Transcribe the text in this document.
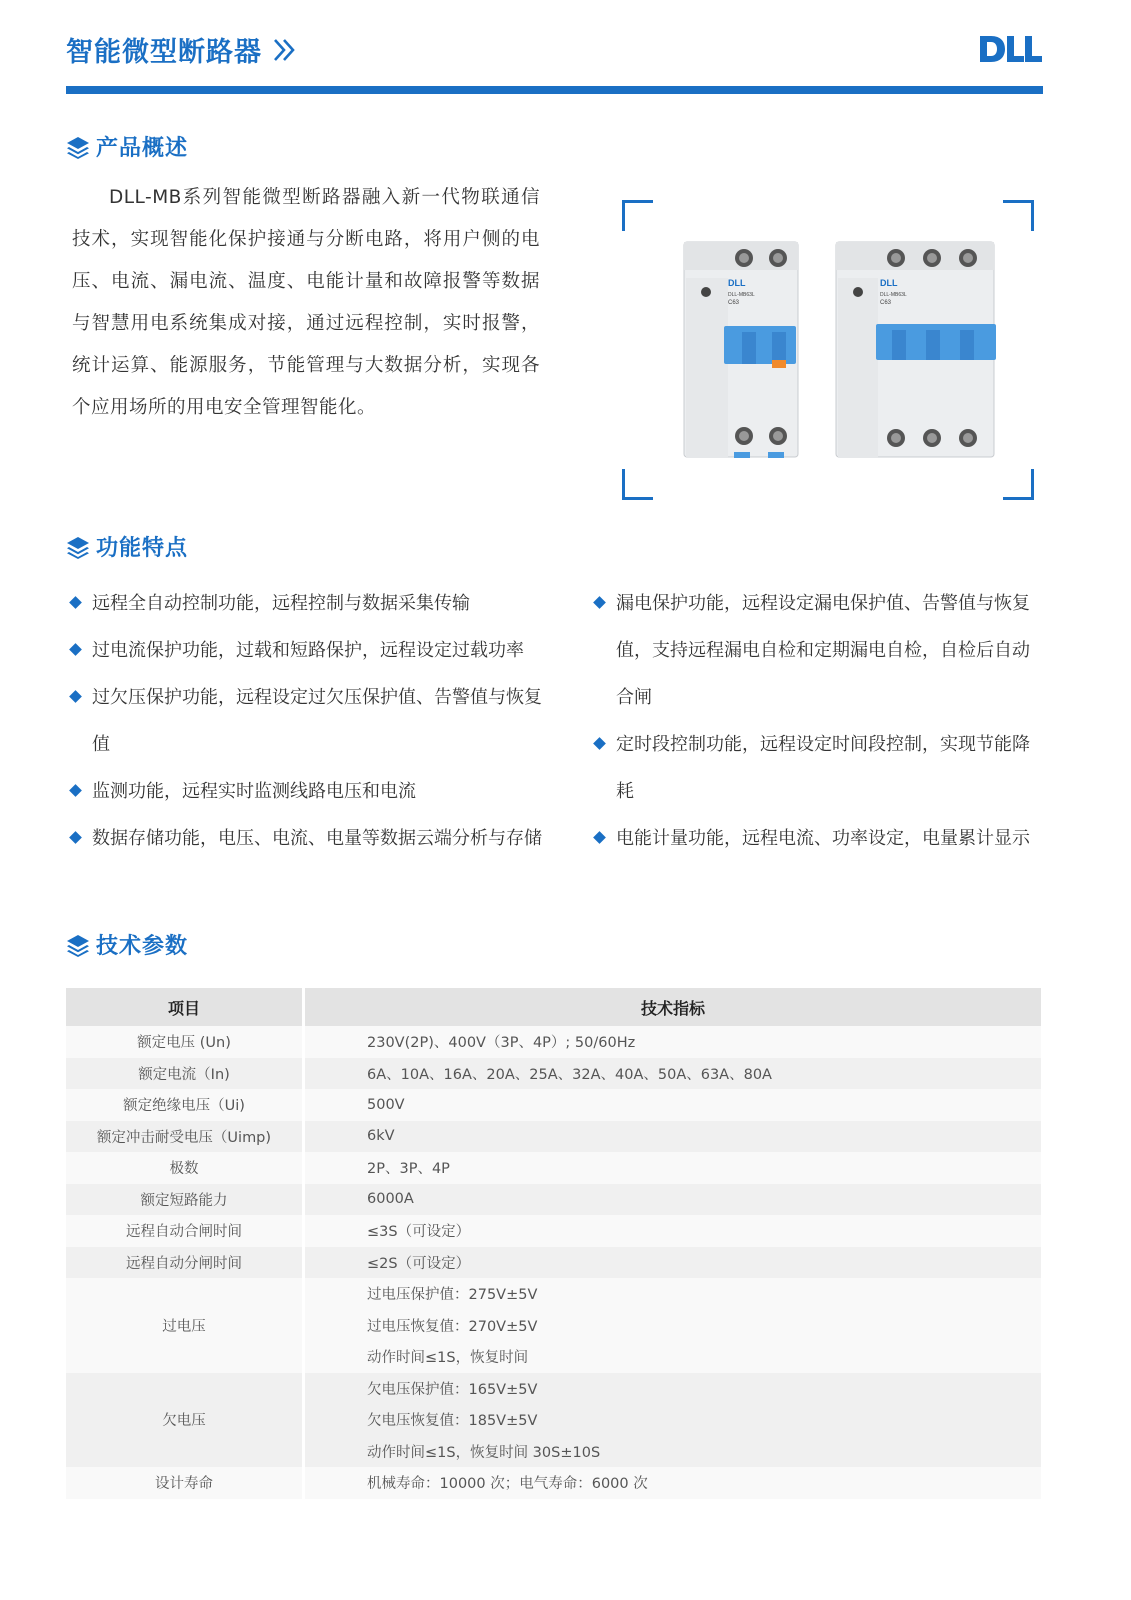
智能微型断路器
产品概述
DLL-MB系列智能微型断路器融入新一代物联通信技术，实现智能化保护接通与分断电路，将用户侧的电压、电流、漏电流、温度、电能计量和故障报警等数据与智慧用电系统集成对接，通过远程控制，实时报警，统计运算、能源服务，节能管理与大数据分析，实现各个应用场所的用电安全管理智能化。
DLL
DLL-MB63L
C63
DLL
DLL-MB63L
C63
功能特点
远程全自动控制功能，远程控制与数据采集传输
过电流保护功能，过载和短路保护，远程设定过载功率
过欠压保护功能，远程设定过欠压保护值、告警值与恢复值
监测功能，远程实时监测线路电压和电流
数据存储功能，电压、电流、电量等数据云端分析与存储
漏电保护功能，远程设定漏电保护值、告警值与恢复值，支持远程漏电自检和定期漏电自检，自检后自动合闸
定时段控制功能，远程设定时间段控制，实现节能降耗
电能计量功能，远程电流、功率设定，电量累计显示
技术参数
项目	技术指标
额定电压 (Un)	230V(2P)、400V（3P、4P）; 50/60Hz
额定电流（In)	6A、10A、16A、20A、25A、32A、40A、50A、63A、80A
额定绝缘电压（Ui)	500V
额定冲击耐受电压（Uimp)	6kV
极数	2P、3P、4P
额定短路能力	6000A
远程自动合闸时间	≤3S（可设定）
远程自动分闸时间	≤2S（可设定）
过电压	过电压保护值：275V±5V
	过电压恢复值：270V±5V
	动作时间≤1S，恢复时间
欠电压	欠电压保护值：165V±5V
	欠电压恢复值：185V±5V
	动作时间≤1S，恢复时间 30S±10S
设计寿命	机械寿命：10000 次；电气寿命：6000 次
